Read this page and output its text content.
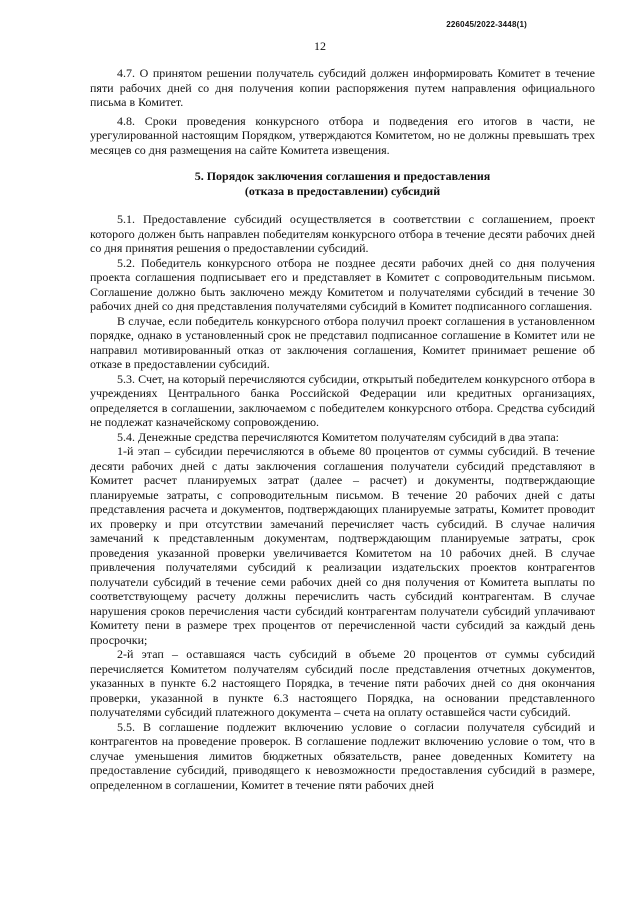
226045/2022-3448(1)
12

4.7. О принятом решении получатель субсидий должен информировать Комитет в течение пяти рабочих дней со дня получения копии распоряжения путем направления официального письма в Комитет.

4.8. Сроки проведения конкурсного отбора и подведения его итогов в части, не урегулированной настоящим Порядком, утверждаются Комитетом, но не должны превышать трех месяцев со дня размещения на сайте Комитета извещения.

5. Порядок заключения соглашения и предоставления
(отказа в предоставлении) субсидий

5.1. Предоставление субсидий осуществляется в соответствии с соглашением, проект которого должен быть направлен победителям конкурсного отбора в течение десяти рабочих дней со дня принятия решения о предоставлении субсидий.

5.2. Победитель конкурсного отбора не позднее десяти рабочих дней со дня получения проекта соглашения подписывает его и представляет в Комитет с сопроводительным письмом. Соглашение должно быть заключено между Комитетом и получателями субсидий в течение 30 рабочих дней со дня представления получателями субсидий в Комитет подписанного соглашения.

В случае, если победитель конкурсного отбора получил проект соглашения в установленном порядке, однако в установленный срок не представил подписанное соглашение в Комитет или не направил мотивированный отказ от заключения соглашения, Комитет принимает решение об отказе в предоставлении субсидий.

5.3. Счет, на который перечисляются субсидии, открытый победителем конкурсного отбора в учреждениях Центрального банка Российской Федерации или кредитных организациях, определяется в соглашении, заключаемом с победителем конкурсного отбора. Средства субсидий не подлежат казначейскому сопровождению.

5.4. Денежные средства перечисляются Комитетом получателям субсидий в два этапа:

1-й этап – субсидии перечисляются в объеме 80 процентов от суммы субсидий. В течение десяти рабочих дней с даты заключения соглашения получатели субсидий представляют в Комитет расчет планируемых затрат (далее – расчет) и документы, подтверждающие планируемые затраты, с сопроводительным письмом. В течение 20 рабочих дней с даты представления расчета и документов, подтверждающих планируемые затраты, Комитет проводит их проверку и при отсутствии замечаний перечисляет часть субсидий. В случае наличия замечаний к представленным документам, подтверждающим планируемые затраты, срок проведения указанной проверки увеличивается Комитетом на 10 рабочих дней. В случае привлечения получателями субсидий к реализации издательских проектов контрагентов получатели субсидий в течение семи рабочих дней со дня получения от Комитета выплаты по соответствующему расчету должны перечислить часть субсидий контрагентам. В случае нарушения сроков перечисления части субсидий контрагентам получатели субсидий уплачивают Комитету пени в размере трех процентов от перечисленной части субсидий за каждый день просрочки;

2-й этап – оставшаяся часть субсидий в объеме 20 процентов от суммы субсидий перечисляется Комитетом получателям субсидий после представления отчетных документов, указанных в пункте 6.2 настоящего Порядка, в течение пяти рабочих дней со дня окончания проверки, указанной в пункте 6.3 настоящего Порядка, на основании представленного получателями субсидий платежного документа – счета на оплату оставшейся части субсидий.

5.5. В соглашение подлежит включению условие о согласии получателя субсидий и контрагентов на проведение проверок. В соглашение подлежит включению условие о том, что в случае уменьшения лимитов бюджетных обязательств, ранее доведенных Комитету на предоставление субсидий, приводящего к невозможности предоставления субсидий в размере, определенном в соглашении, Комитет в течение пяти рабочих дней
